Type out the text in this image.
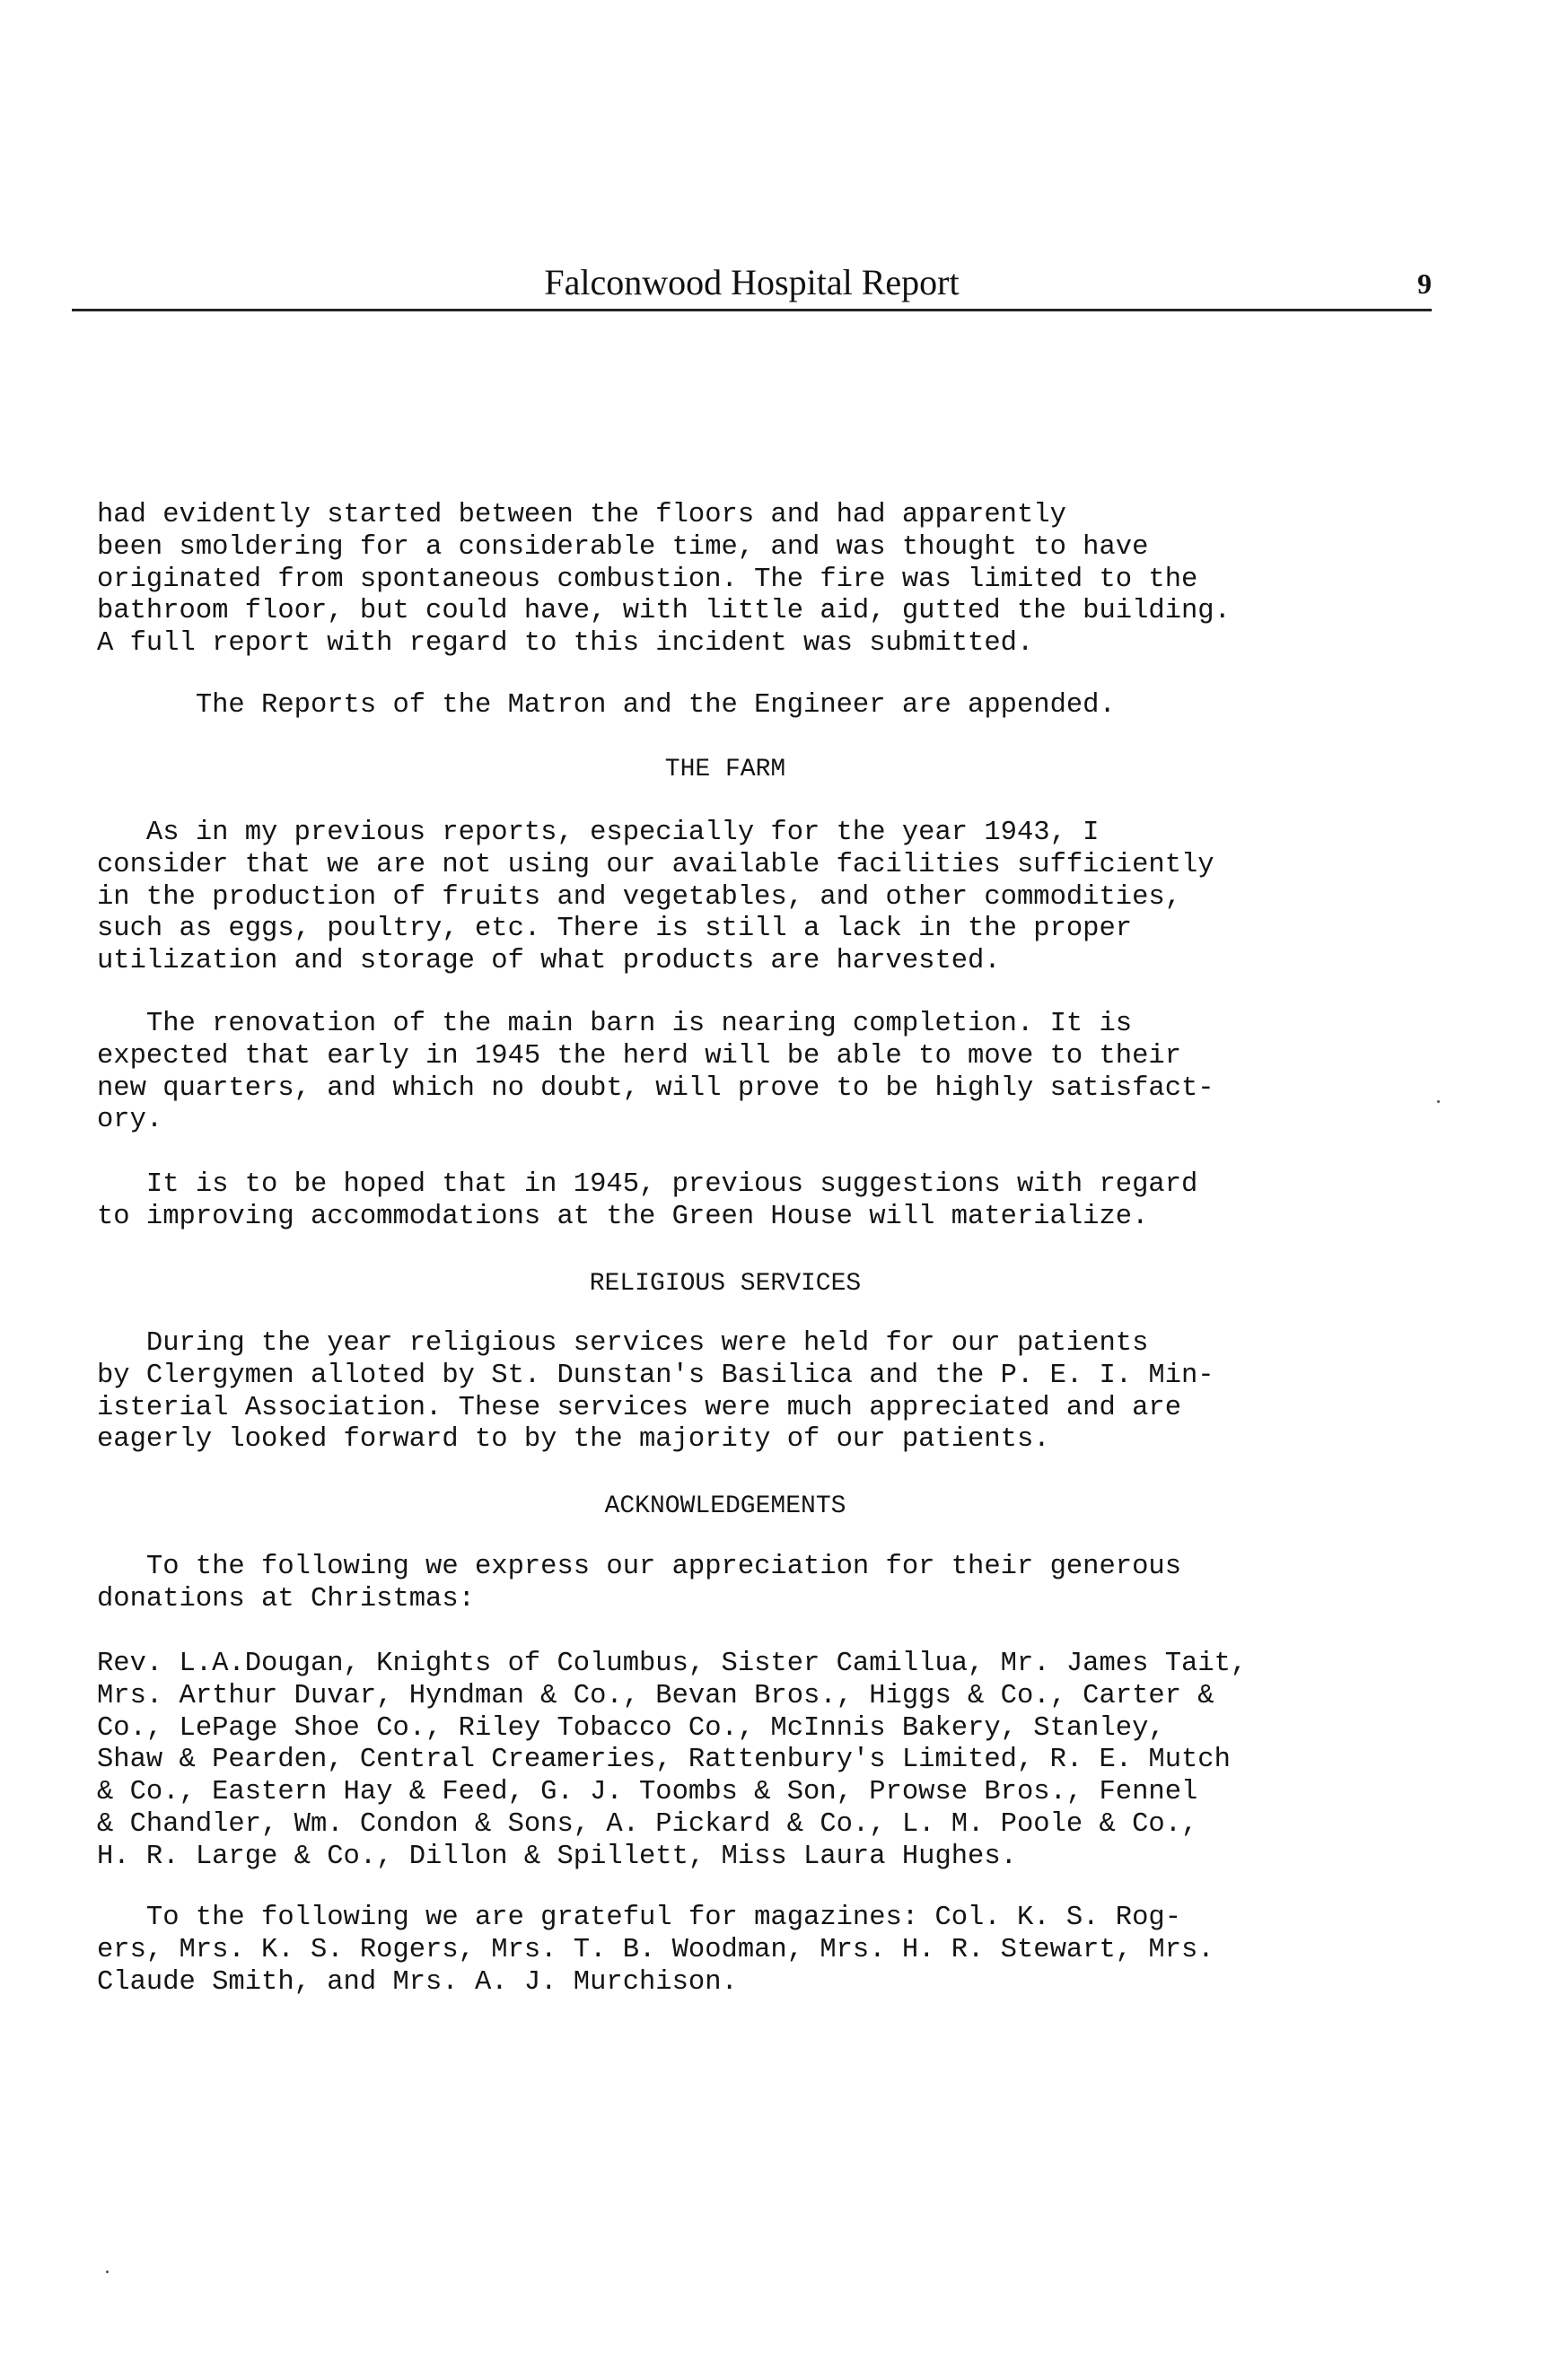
Falconwood Hospital Report	9
had evidently started between the floors and had apparently
been smoldering for a considerable time, and was thought to have
originated from spontaneous combustion. The fire was limited to the
bathroom floor, but could have, with little aid, gutted the building.
A full report with regard to this incident was submitted.
The Reports of the Matron and the Engineer are appended.
THE FARM
As in my previous reports, especially for the year 1943, I
consider that we are not using our available facilities sufficiently
in the production of fruits and vegetables, and other commodities,
such as eggs, poultry, etc. There is still a lack in the proper
utilization and storage of what products are harvested.
The renovation of the main barn is nearing completion. It is
expected that early in 1945 the herd will be able to move to their
new quarters, and which no doubt, will prove to be highly satisfact-
ory.
It is to be hoped that in 1945, previous suggestions with regard
to improving accommodations at the Green House will materialize.
RELIGIOUS SERVICES
During the year religious services were held for our patients
by Clergymen alloted by St. Dunstan's Basilica and the P. E. I. Min-
isterial Association. These services were much appreciated and are
eagerly looked forward to by the majority of our patients.
ACKNOWLEDGEMENTS
To the following we express our appreciation for their generous
donations at Christmas:
Rev. L.A.Dougan, Knights of Columbus, Sister Camillua, Mr. James Tait,
Mrs. Arthur Duvar, Hyndman & Co., Bevan Bros., Higgs & Co., Carter &
Co., LePage Shoe Co., Riley Tobacco Co., McInnis Bakery, Stanley,
Shaw & Pearden, Central Creameries, Rattenbury's Limited, R. E. Mutch
& Co., Eastern Hay & Feed, G. J. Toombs & Son, Prowse Bros., Fennel
& Chandler, Wm. Condon & Sons, A. Pickard & Co., L. M. Poole & Co.,
H. R. Large & Co., Dillon & Spillett, Miss Laura Hughes.
To the following we are grateful for magazines: Col. K. S. Rog-
ers, Mrs. K. S. Rogers, Mrs. T. B. Woodman, Mrs. H. R. Stewart, Mrs.
Claude Smith, and Mrs. A. J. Murchison.
